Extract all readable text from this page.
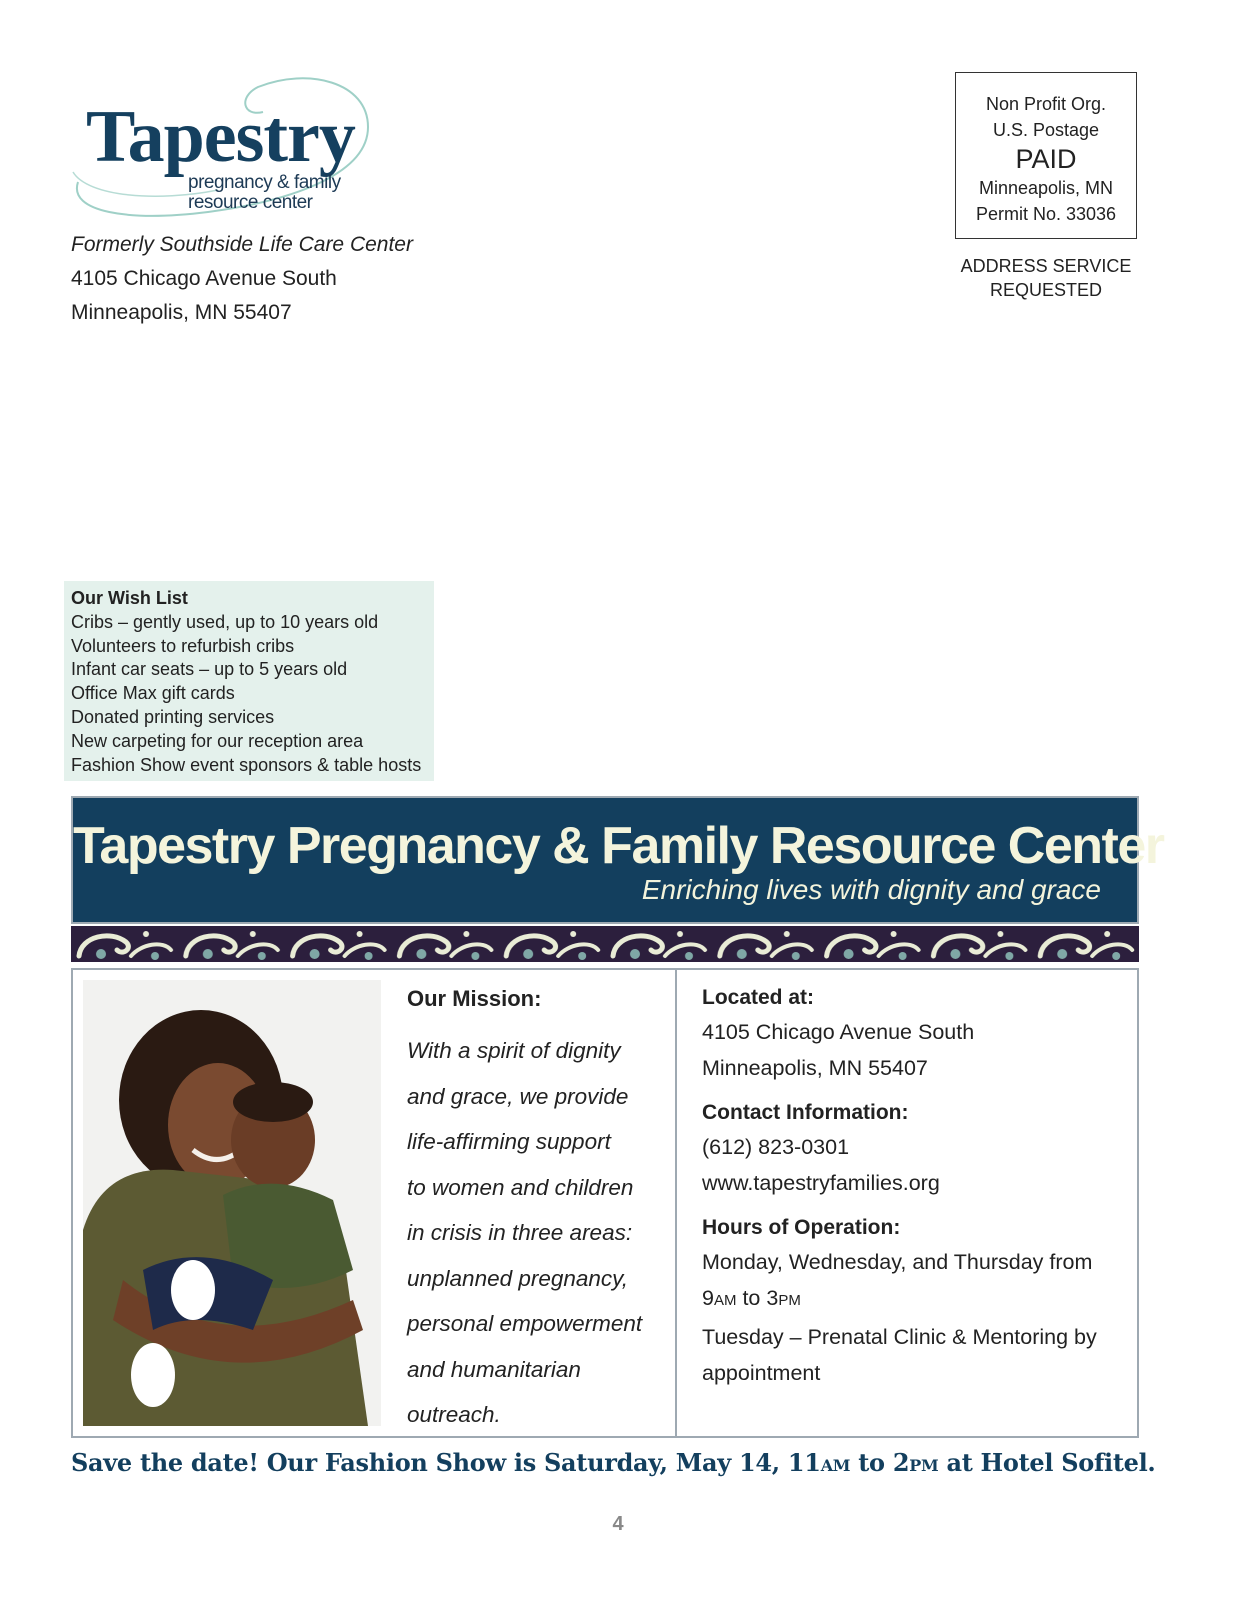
Tapestry
pregnancy & family
resource center
Formerly Southside Life Care Center
4105 Chicago Avenue South
Minneapolis, MN 55407
Non Profit Org.
U.S. Postage
PAID
Minneapolis, MN
Permit No. 33036
ADDRESS SERVICE
REQUESTED
Our Wish List
Cribs – gently used, up to 10 years old
Volunteers to refurbish cribs
Infant car seats – up to 5 years old
Office Max gift cards
Donated printing services
New carpeting for our reception area
Fashion Show event sponsors & table hosts
Tapestry Pregnancy & Family Resource Center
Enriching lives with dignity and grace
Our Mission:

With a spirit of dignity
and grace, we provide
life-affirming support
to women and children
in crisis in three areas:
unplanned pregnancy,
personal empowerment
and humanitarian
outreach.

Located at:
4105 Chicago Avenue South
Minneapolis, MN 55407
Contact Information:
(612) 823-0301
www.tapestryfamilies.org
Hours of Operation:
Monday, Wednesday, and Thursday from
9AM to 3PM
Tuesday – Prenatal Clinic & Mentoring by
appointment
Save the date! Our Fashion Show is Saturday, May 14, 11AM to 2PM at Hotel Sofitel.
4
